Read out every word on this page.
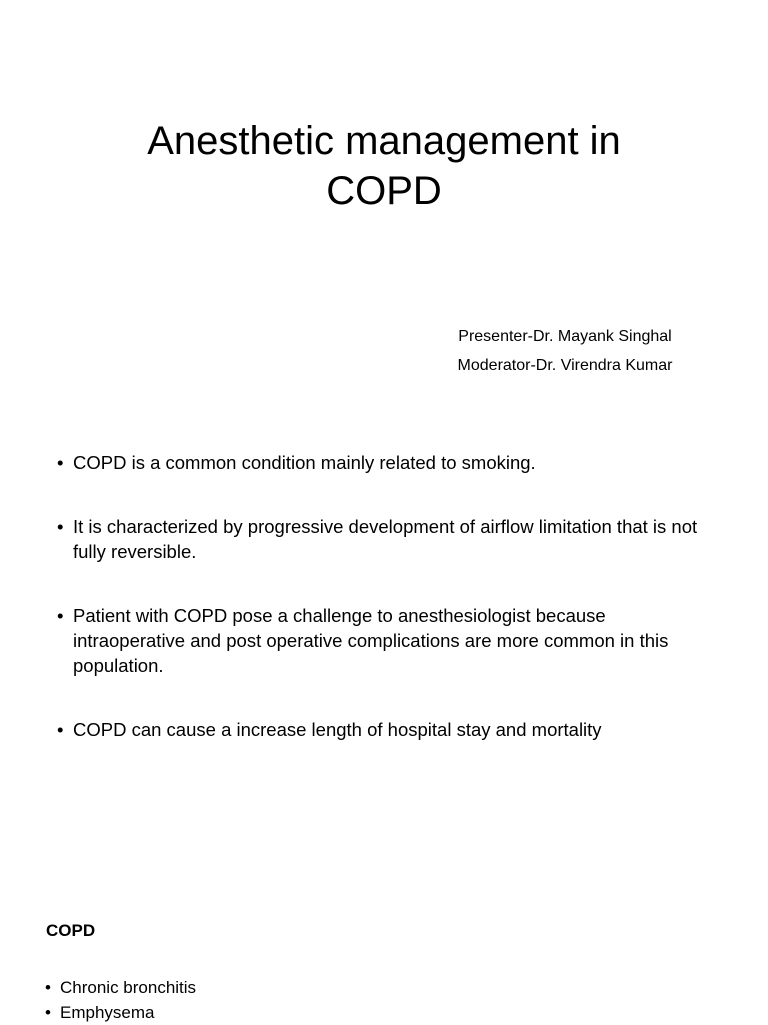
Anesthetic management in COPD
Presenter-Dr. Mayank Singhal
Moderator-Dr. Virendra Kumar
• COPD is a common condition mainly related to smoking.
• It is characterized by progressive development of airflow limitation that is not fully reversible.
• Patient with COPD pose a challenge to anesthesiologist because intraoperative and post operative complications are more common in this population.
• COPD can cause a increase length of hospital stay and mortality
COPD
• Chronic bronchitis
• Emphysema
